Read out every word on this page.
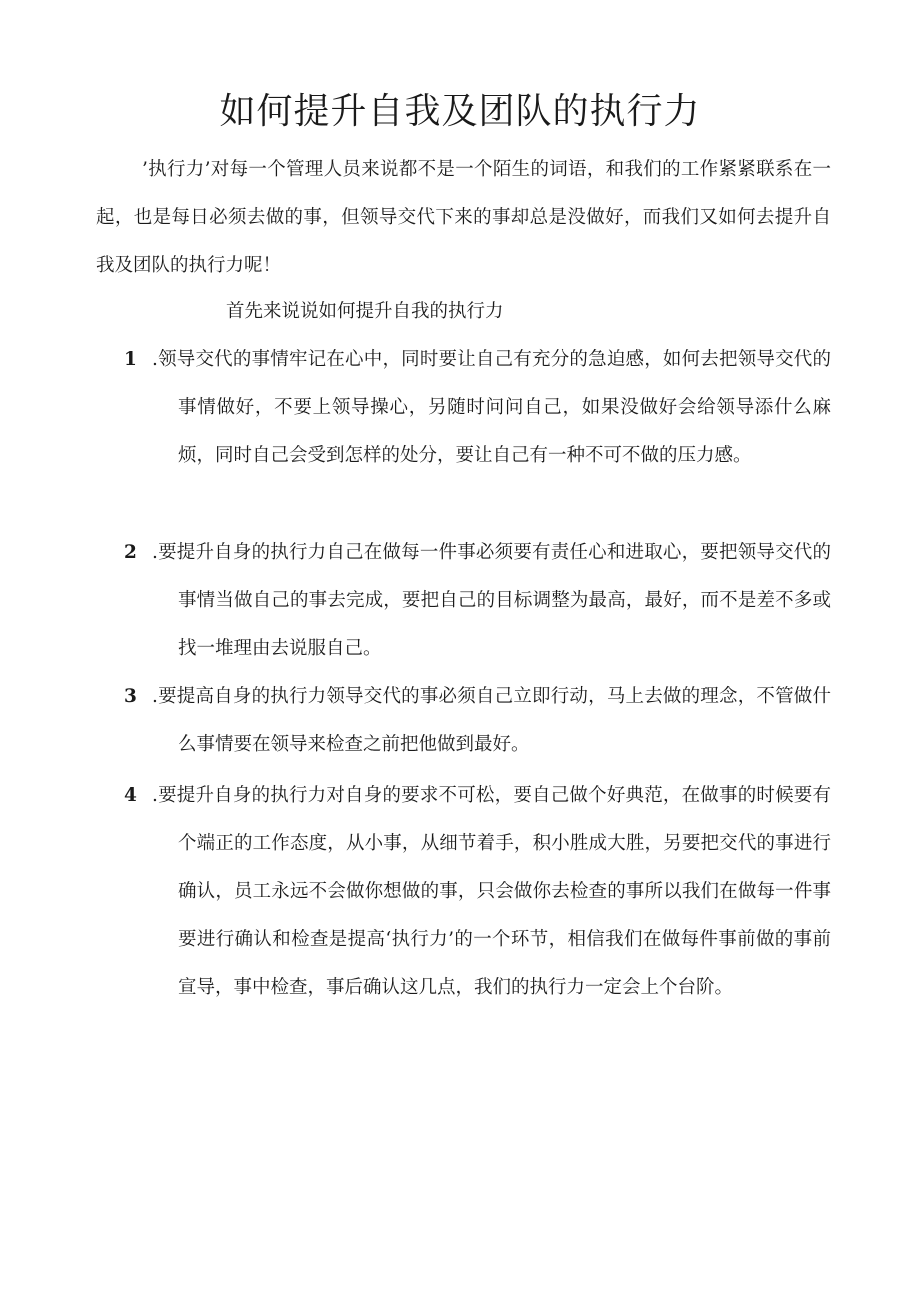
如何提升自我及团队的执行力

’执行力’对每一个管理人员来说都不是一个陌生的词语，和我们的工作紧紧联系在一起，也是每日必须去做的事，但领导交代下来的事却总是没做好，而我们又如何去提升自我及团队的执行力呢！

首先来说说如何提升自我的执行力

1 .领导交代的事情牢记在心中，同时要让自己有充分的急迫感，如何去把领导交代的事情做好，不要上领导操心，另随时问问自己，如果没做好会给领导添什么麻烦，同时自己会受到怎样的处分，要让自己有一种不可不做的压力感。
2 .要提升自身的执行力自己在做每一件事必须要有责任心和进取心，要把领导交代的事情当做自己的事去完成，要把自己的目标调整为最高，最好，而不是差不多或找一堆理由去说服自己。
3 .要提高自身的执行力领导交代的事必须自己立即行动，马上去做的理念，不管做什么事情要在领导来检查之前把他做到最好。
4 .要提升自身的执行力对自身的要求不可松，要自己做个好典范，在做事的时候要有个端正的工作态度，从小事，从细节着手，积小胜成大胜，另要把交代的事进行确认，员工永远不会做你想做的事，只会做你去检查的事所以我们在做每一件事要进行确认和检查是提高‘执行力’的一个环节，相信我们在做每件事前做的事前宣导，事中检查，事后确认这几点，我们的执行力一定会上个台阶。
